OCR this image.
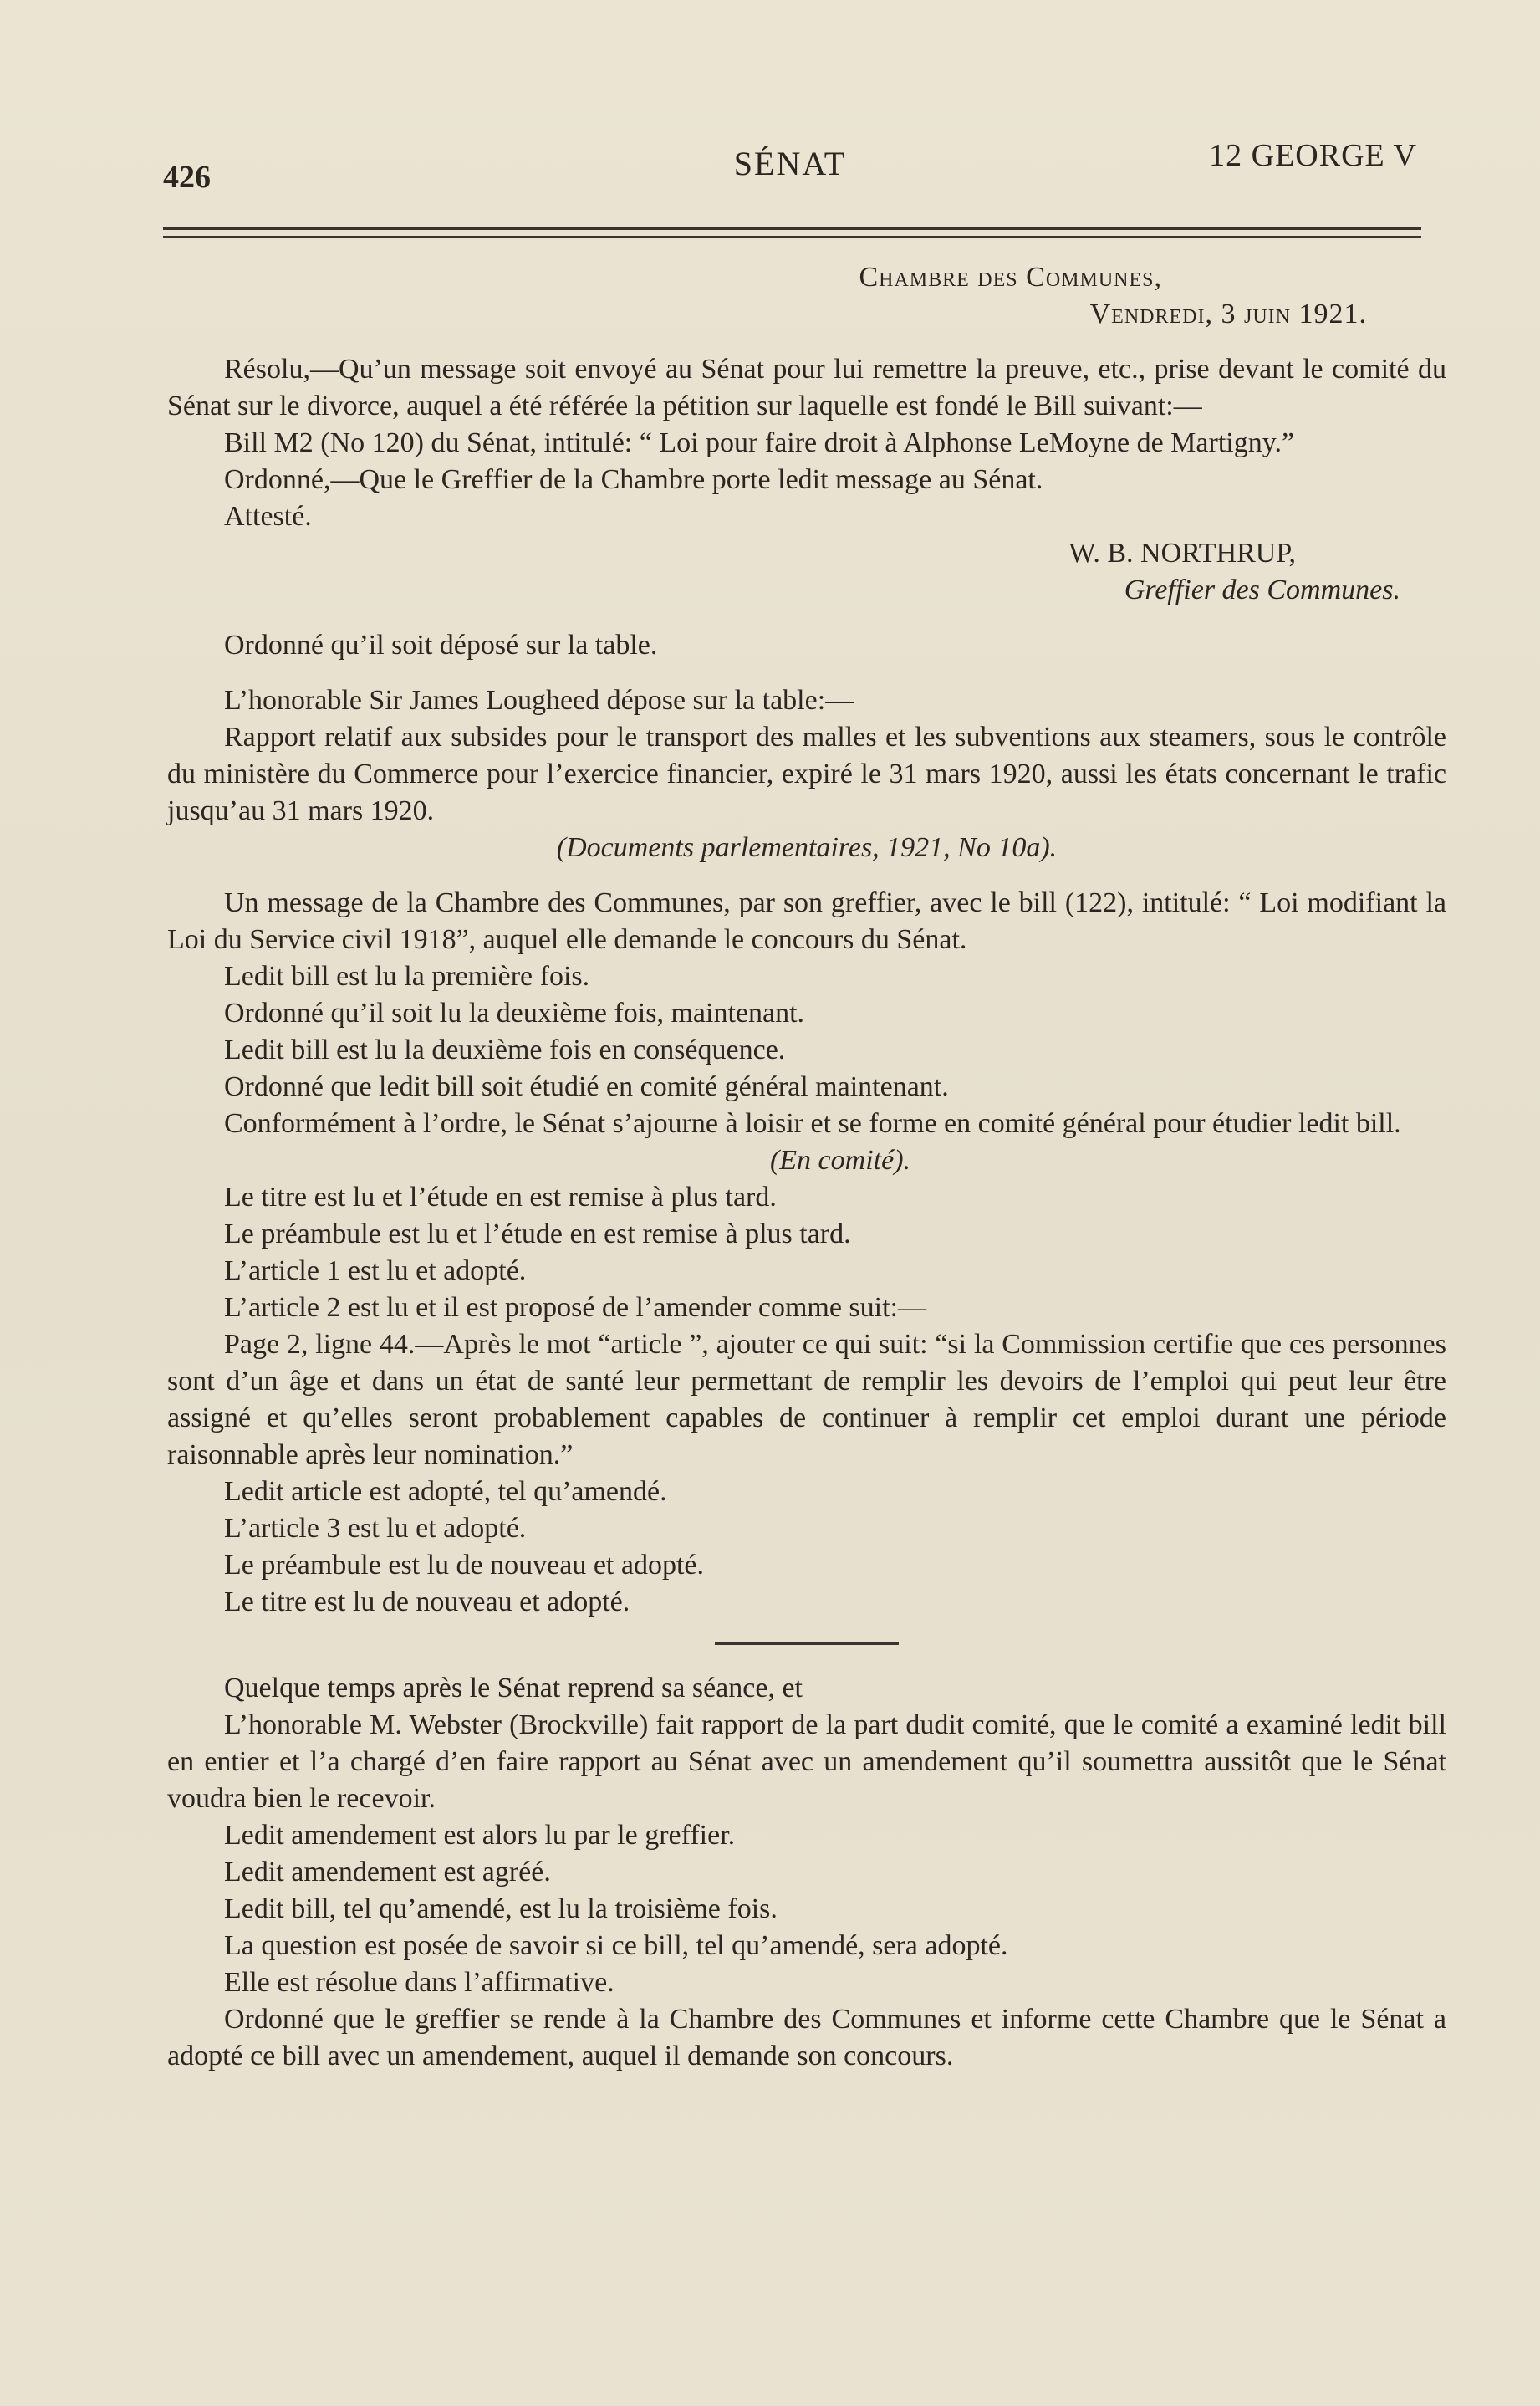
426	SÉNAT	12 GEORGE V

Chambre des Communes,

Vendredi, 3 juin 1921.

Résolu,—Qu’un message soit envoyé au Sénat pour lui remettre la preuve, etc., prise devant le comité du Sénat sur le divorce, auquel a été référée la pétition sur laquelle est fondé le Bill suivant:—

Bill M2 (No 120) du Sénat, intitulé: “ Loi pour faire droit à Alphonse LeMoyne de Martigny.”

Ordonné,—Que le Greffier de la Chambre porte ledit message au Sénat.

Attesté.

W. B. NORTHRUP,

Greffier des Communes.

Ordonné qu’il soit déposé sur la table.

L’honorable Sir James Lougheed dépose sur la table:—

Rapport relatif aux subsides pour le transport des malles et les subventions aux steamers, sous le contrôle du ministère du Commerce pour l’exercice financier, expiré le 31 mars 1920, aussi les états concernant le trafic jusqu’au 31 mars 1920.

(Documents parlementaires, 1921, No 10a).

Un message de la Chambre des Communes, par son greffier, avec le bill (122), intitulé: “ Loi modifiant la Loi du Service civil 1918”, auquel elle demande le concours du Sénat.

Ledit bill est lu la première fois.

Ordonné qu’il soit lu la deuxième fois, maintenant.

Ledit bill est lu la deuxième fois en conséquence.

Ordonné que ledit bill soit étudié en comité général maintenant.

Conformément à l’ordre, le Sénat s’ajourne à loisir et se forme en comité général pour étudier ledit bill.

(En comité).

Le titre est lu et l’étude en est remise à plus tard.

Le préambule est lu et l’étude en est remise à plus tard.

L’article 1 est lu et adopté.

L’article 2 est lu et il est proposé de l’amender comme suit:—

Page 2, ligne 44.—Après le mot “article ”, ajouter ce qui suit: “si la Commission certifie que ces personnes sont d’un âge et dans un état de santé leur permettant de remplir les devoirs de l’emploi qui peut leur être assigné et qu’elles seront probablement capables de continuer à remplir cet emploi durant une période raisonnable après leur nomination.”

Ledit article est adopté, tel qu’amendé.

L’article 3 est lu et adopté.

Le préambule est lu de nouveau et adopté.

Le titre est lu de nouveau et adopté.

Quelque temps après le Sénat reprend sa séance, et

L’honorable M. Webster (Brockville) fait rapport de la part dudit comité, que le comité a examiné ledit bill en entier et l’a chargé d’en faire rapport au Sénat avec un amendement qu’il soumettra aussitôt que le Sénat voudra bien le recevoir.

Ledit amendement est alors lu par le greffier.

Ledit amendement est agréé.

Ledit bill, tel qu’amendé, est lu la troisième fois.

La question est posée de savoir si ce bill, tel qu’amendé, sera adopté.

Elle est résolue dans l’affirmative.

Ordonné que le greffier se rende à la Chambre des Communes et informe cette Chambre que le Sénat a adopté ce bill avec un amendement, auquel il demande son concours.
